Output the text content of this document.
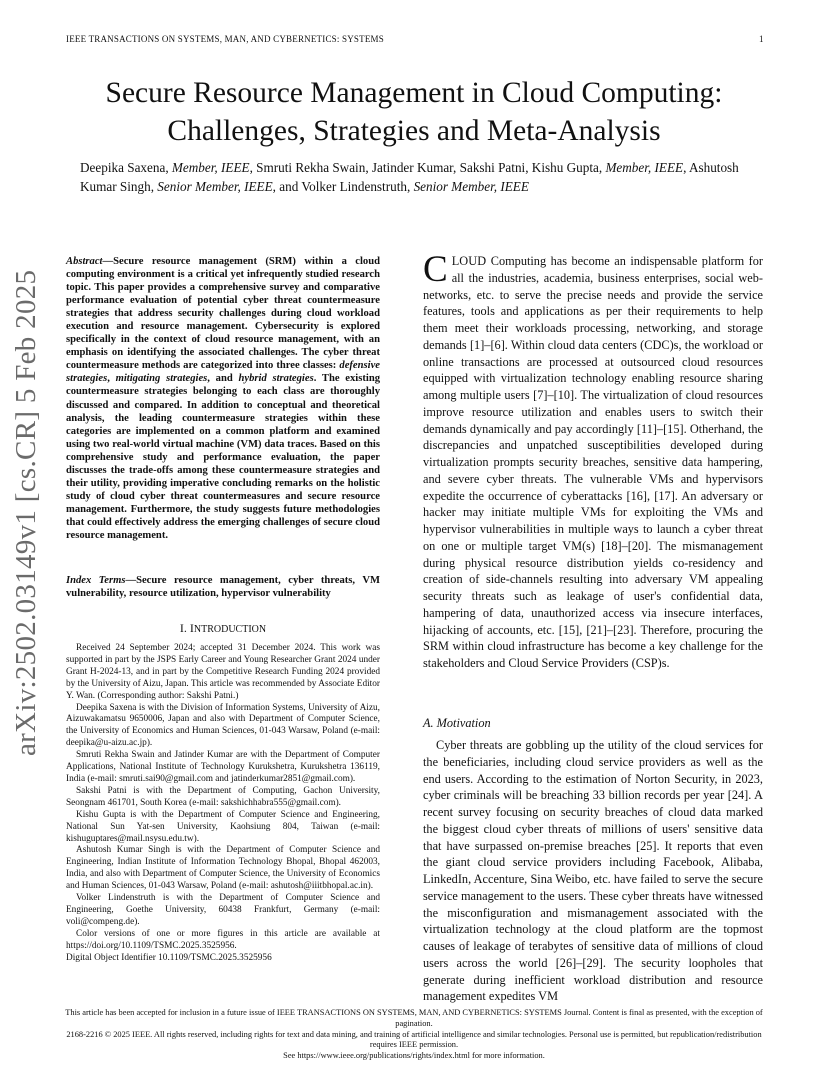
IEEE TRANSACTIONS ON SYSTEMS, MAN, AND CYBERNETICS: SYSTEMS	1
arXiv:2502.03149v1 [cs.CR] 5 Feb 2025
Secure Resource Management in Cloud Computing:
Challenges, Strategies and Meta-Analysis
Deepika Saxena, Member, IEEE, Smruti Rekha Swain, Jatinder Kumar, Sakshi Patni, Kishu Gupta, Member, IEEE, Ashutosh Kumar Singh, Senior Member, IEEE, and Volker Lindenstruth, Senior Member, IEEE
Abstract—Secure resource management (SRM) within a cloud computing environment is a critical yet infrequently studied research topic. This paper provides a comprehensive survey and comparative performance evaluation of potential cyber threat countermeasure strategies that address security challenges during cloud workload execution and resource management. Cybersecurity is explored specifically in the context of cloud resource management, with an emphasis on identifying the associated challenges. The cyber threat countermeasure methods are categorized into three classes: defensive strategies, mitigating strategies, and hybrid strategies. The existing countermeasure strategies belonging to each class are thoroughly discussed and compared. In addition to conceptual and theoretical analysis, the leading countermeasure strategies within these categories are implemented on a common platform and examined using two real-world virtual machine (VM) data traces. Based on this comprehensive study and performance evaluation, the paper discusses the trade-offs among these countermeasure strategies and their utility, providing imperative concluding remarks on the holistic study of cloud cyber threat countermeasures and secure resource management. Furthermore, the study suggests future methodologies that could effectively address the emerging challenges of secure cloud resource management.
Index Terms—Secure resource management, cyber threats, VM vulnerability, resource utilization, hypervisor vulnerability
I. INTRODUCTION

Received 24 September 2024; accepted 31 December 2024. This work was supported in part by the JSPS Early Career and Young Researcher Grant 2024 under Grant H-2024-13, and in part by the Competitive Research Funding 2024 provided by the University of Aizu, Japan. This article was recommended by Associate Editor Y. Wan. (Corresponding author: Sakshi Patni.)

Deepika Saxena is with the Division of Information Systems, University of Aizu, Aizuwakamatsu 9650006, Japan and also with Department of Computer Science, the University of Economics and Human Sciences, 01-043 Warsaw, Poland (e-mail: deepika@u-aizu.ac.jp).

Smruti Rekha Swain and Jatinder Kumar are with the Department of Computer Applications, National Institute of Technology Kurukshetra, Kurukshetra 136119, India (e-mail: smruti.sai90@gmail.com and jatinderkumar2851@gmail.com).

Sakshi Patni is with the Department of Computing, Gachon University, Seongnam 461701, South Korea (e-mail: sakshichhabra555@gmail.com).

Kishu Gupta is with the Department of Computer Science and Engineering, National Sun Yat-sen University, Kaohsiung 804, Taiwan (e-mail: kishuguptares@mail.nsysu.edu.tw).

Ashutosh Kumar Singh is with the Department of Computer Science and Engineering, Indian Institute of Information Technology Bhopal, Bhopal 462003, India, and also with Department of Computer Science, the University of Economics and Human Sciences, 01-043 Warsaw, Poland (e-mail: ashutosh@iiitbhopal.ac.in).

Volker Lindenstruth is with the Department of Computer Science and Engineering, Goethe University, 60438 Frankfurt, Germany (e-mail: voli@compeng.de).

Color versions of one or more figures in this article are available at https://doi.org/10.1109/TSMC.2025.3525956.

Digital Object Identifier 10.1109/TSMC.2025.3525956

CLOUD Computing has become an indispensable platform for all the industries, academia, business enterprises, social web-networks, etc. to serve the precise needs and provide the service features, tools and applications as per their requirements to help them meet their workloads processing, networking, and storage demands [1]–[6]. Within cloud data centers (CDC)s, the workload or online transactions are processed at outsourced cloud resources equipped with virtualization technology enabling resource sharing among multiple users [7]–[10]. The virtualization of cloud resources improve resource utilization and enables users to switch their demands dynamically and pay accordingly [11]–[15]. Otherhand, the discrepancies and unpatched susceptibilities developed during virtualization prompts security breaches, sensitive data hampering, and severe cyber threats. The vulnerable VMs and hypervisors expedite the occurrence of cyberattacks [16], [17]. An adversary or hacker may initiate multiple VMs for exploiting the VMs and hypervisor vulnerabilities in multiple ways to launch a cyber threat on one or multiple target VM(s) [18]–[20]. The mismanagement during physical resource distribution yields co-residency and creation of side-channels resulting into adversary VM appealing security threats such as leakage of user's confidential data, hampering of data, unauthorized access via insecure interfaces, hijacking of accounts, etc. [15], [21]–[23]. Therefore, procuring the SRM within cloud infrastructure has become a key challenge for the stakeholders and Cloud Service Providers (CSP)s.
A. Motivation
Cyber threats are gobbling up the utility of the cloud services for the beneficiaries, including cloud service providers as well as the end users. According to the estimation of Norton Security, in 2023, cyber criminals will be breaching 33 billion records per year [24]. A recent survey focusing on security breaches of cloud data marked the biggest cloud cyber threats of millions of users' sensitive data that have surpassed on-premise breaches [25]. It reports that even the giant cloud service providers including Facebook, Alibaba, LinkedIn, Accenture, Sina Weibo, etc. have failed to serve the secure service management to the users. These cyber threats have witnessed the misconfiguration and mismanagement associated with the virtualization technology at the cloud platform are the topmost causes of leakage of terabytes of sensitive data of millions of cloud users across the world [26]–[29]. The security loopholes that generate during inefficient workload distribution and resource management expedites VM
This article has been accepted for inclusion in a future issue of IEEE TRANSACTIONS ON SYSTEMS, MAN, AND CYBERNETICS: SYSTEMS Journal. Content is final as presented, with the exception of pagination.
2168-2216 © 2025 IEEE. All rights reserved, including rights for text and data mining, and training of artificial intelligence and similar technologies. Personal use is permitted, but republication/redistribution requires IEEE permission.
See https://www.ieee.org/publications/rights/index.html for more information.
